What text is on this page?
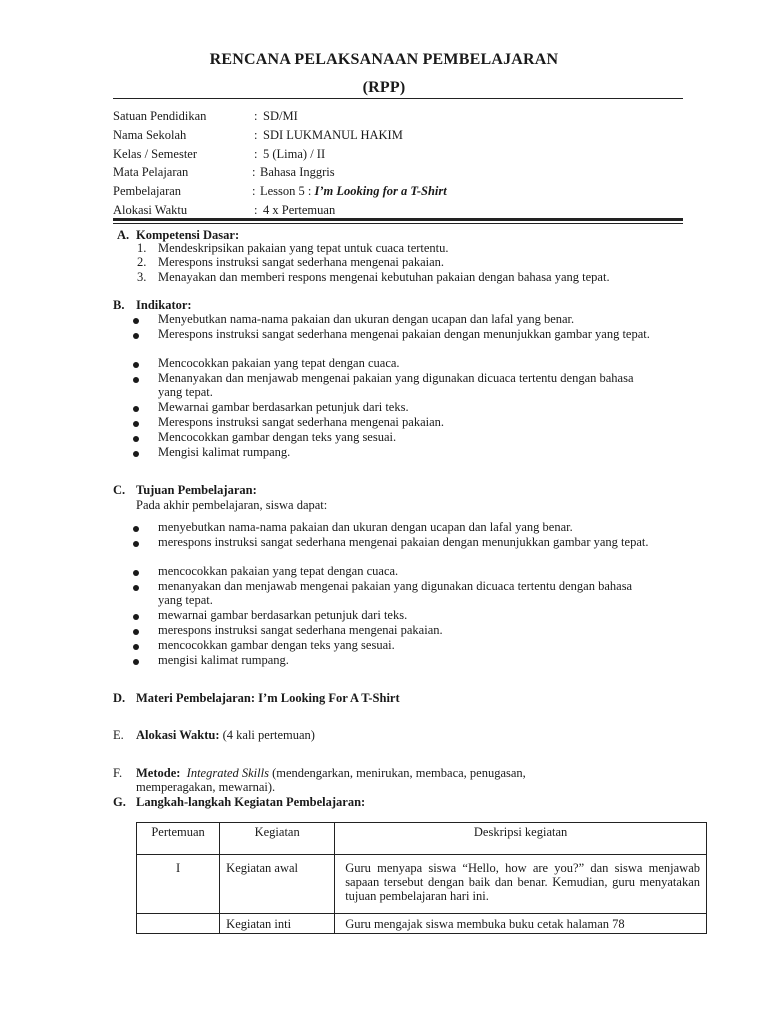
RENCANA PELAKSANAAN PEMBELAJARAN
(RPP)
Satuan Pendidikan	: SD/MI
Nama Sekolah	: SDI LUKMANUL HAKIM
Kelas / Semester	: 5 (Lima) / II
Mata Pelajaran	: Bahasa Inggris
Pembelajaran	: Lesson 5 : I’m Looking for a T-Shirt
Alokasi Waktu	: 4 x Pertemuan
A. Kompetensi Dasar:
1. Mendeskripsikan pakaian yang tepat untuk cuaca tertentu.
2. Merespons instruksi sangat sederhana mengenai pakaian.
3. Menayakan dan memberi respons mengenai kebutuhan pakaian dengan bahasa yang tepat.
B. Indikator:
Menyebutkan nama-nama pakaian dan ukuran dengan ucapan dan lafal yang benar.
Merespons instruksi sangat sederhana mengenai pakaian dengan menunjukkan gambar yang tepat.
Mencocokkan pakaian yang tepat dengan cuaca.
Menanyakan dan menjawab mengenai pakaian yang digunakan dicuaca tertentu dengan bahasa yang tepat.
Mewarnai gambar berdasarkan petunjuk dari teks.
Merespons instruksi sangat sederhana mengenai pakaian.
Mencocokkan gambar dengan teks yang sesuai.
Mengisi kalimat rumpang.
C. Tujuan Pembelajaran:
Pada akhir pembelajaran, siswa dapat:
menyebutkan nama-nama pakaian dan ukuran dengan ucapan dan lafal yang benar.
merespons instruksi sangat sederhana mengenai pakaian dengan menunjukkan gambar yang tepat.
mencocokkan pakaian yang tepat dengan cuaca.
menanyakan dan menjawab mengenai pakaian yang digunakan dicuaca tertentu dengan bahasa yang tepat.
mewarnai gambar berdasarkan petunjuk dari teks.
merespons instruksi sangat sederhana mengenai pakaian.
mencocokkan gambar dengan teks yang sesuai.
mengisi kalimat rumpang.
D. Materi Pembelajaran: I’m Looking For A T-Shirt
E. Alokasi Waktu: (4 kali pertemuan)
F. Metode: Integrated Skills (mendengarkan, menirukan, membaca, penugasan,
memperagakan, mewarnai).
G. Langkah-langkah Kegiatan Pembelajaran:
Pertemuan	Kegiatan	Deskripsi kegiatan
I	Kegiatan awal	Guru menyapa siswa “Hello, how are you?” dan siswa menjawab sapaan tersebut dengan baik dan benar. Kemudian, guru menyatakan tujuan pembelajaran hari ini.
	Kegiatan inti	Guru mengajak siswa membuka buku cetak halaman 78
